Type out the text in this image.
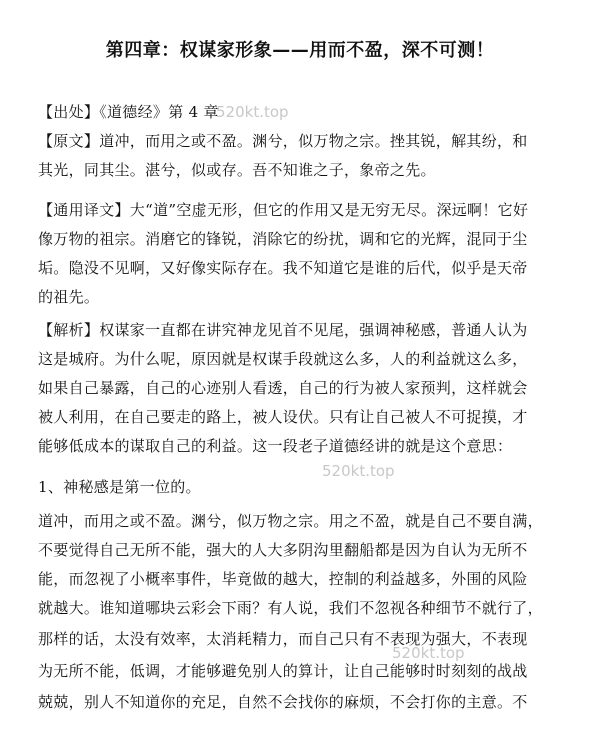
第四章：权谋家形象——用而不盈，深不可测！
【出处】《道德经》第 4 章
520kt.top
【原文】道冲，而用之或不盈。渊兮，似万物之宗。挫其锐，解其纷，和
其光，同其尘。湛兮，似或存。吾不知谁之子，象帝之先。
【通用译文】大“道”空虚无形，但它的作用又是无穷无尽。深远啊！它好
像万物的祖宗。消磨它的锋锐，消除它的纷扰，调和它的光辉，混同于尘
垢。隐没不见啊，又好像实际存在。我不知道它是谁的后代，似乎是天帝
的祖先。
【解析】权谋家一直都在讲究神龙见首不见尾，强调神秘感，普通人认为
这是城府。为什么呢，原因就是权谋手段就这么多，人的利益就这么多，
如果自己暴露，自己的心迹别人看透，自己的行为被人家预判，这样就会
被人利用，在自己要走的路上，被人设伏。只有让自己被人不可捉摸，才
能够低成本的谋取自己的利益。这一段老子道德经讲的就是这个意思：
520kt.top
1、神秘感是第一位的。
道冲，而用之或不盈。渊兮，似万物之宗。用之不盈，就是自己不要自满，
不要觉得自己无所不能，强大的人大多阴沟里翻船都是因为自认为无所不
能，而忽视了小概率事件，毕竟做的越大，控制的利益越多，外围的风险
就越大。谁知道哪块云彩会下雨？有人说，我们不忽视各种细节不就行了，
那样的话，太没有效率，太消耗精力，而自己只有不表现为强大，不表现
520kt.top
为无所不能，低调，才能够避免别人的算计，让自己能够时时刻刻的战战
兢兢，别人不知道你的充足，自然不会找你的麻烦，不会打你的主意。不
